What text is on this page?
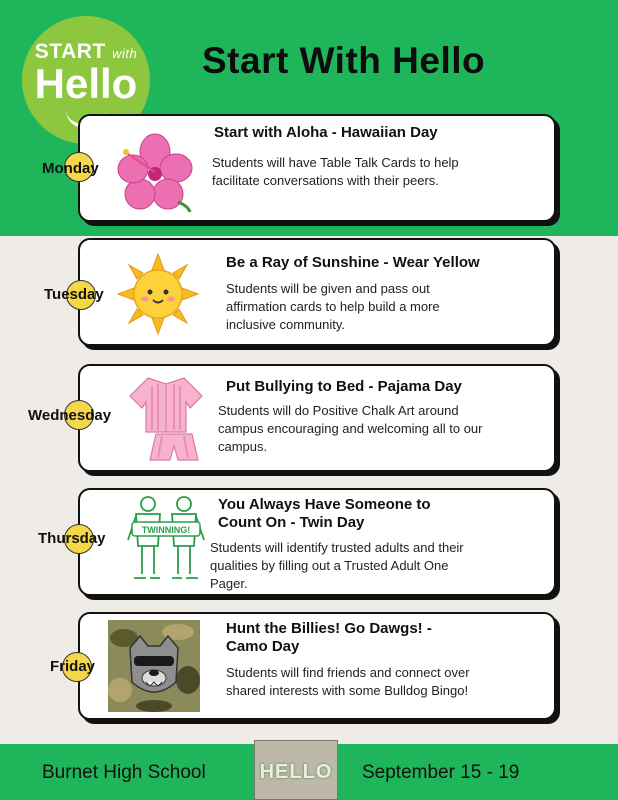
START with
Hello	Start With Hello
Start with Aloha - Hawaiian Day
Students will have Table Talk Cards to help
facilitate conversations with their peers.
Monday
Be a Ray of Sunshine - Wear Yellow
Students will be given and pass out
affirmation cards to help build a more
inclusive community.
Tuesday
Put Bullying to Bed - Pajama Day
Students will do Positive Chalk Art around
campus encouraging and welcoming all to our
campus.
Wednesday
You Always Have Someone to
Count On - Twin Day
Students will identify trusted adults and their
qualities by filling out a Trusted Adult One
Pager.
Thursday	TWINNING!
Hunt the Billies! Go Dawgs! -
Camo Day
Students will find friends and connect over
shared interests with some Bulldog Bingo!
Friday
Burnet High School	HELLO September 15 - 19
